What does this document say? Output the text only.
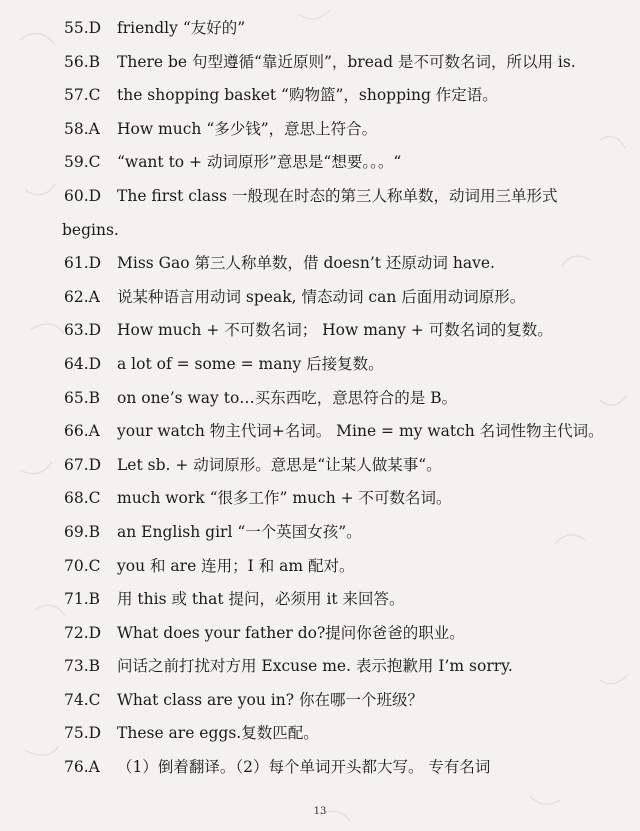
55.D friendly “友好的”
56.B There be 句型遵循“靠近原则”，bread 是不可数名词，所以用 is.
57.C the shopping basket “购物篮”，shopping 作定语。
58.A How much “多少钱”，意思上符合。
59.C “want to + 动词原形”意思是“想要。。。“
60.D The first class 一般现在时态的第三人称单数，动词用三单形式
begins.
61.D Miss Gao 第三人称单数，借 doesn’t 还原动词 have.
62.A 说某种语言用动词 speak, 情态动词 can 后面用动词原形。
63.D How much + 不可数名词； How many + 可数名词的复数。
64.D a lot of = some = many 后接复数。
65.B on one’s way to…买东西吃，意思符合的是 B。
66.A your watch 物主代词+名词。 Mine = my watch 名词性物主代词。
67.D Let sb. + 动词原形。意思是“让某人做某事“。
68.C much work “很多工作” much + 不可数名词。
69.B an English girl “一个英国女孩”。
70.C you 和 are 连用；I 和 am 配对。
71.B 用 this 或 that 提问，必须用 it 来回答。
72.D What does your father do?提问你爸爸的职业。
73.B 问话之前打扰对方用 Excuse me. 表示抱歉用 I’m sorry.
74.C What class are you in? 你在哪一个班级？
75.D These are eggs.复数匹配。
76.A （1）倒着翻译。（2）每个单词开头都大写。 专有名词
13
